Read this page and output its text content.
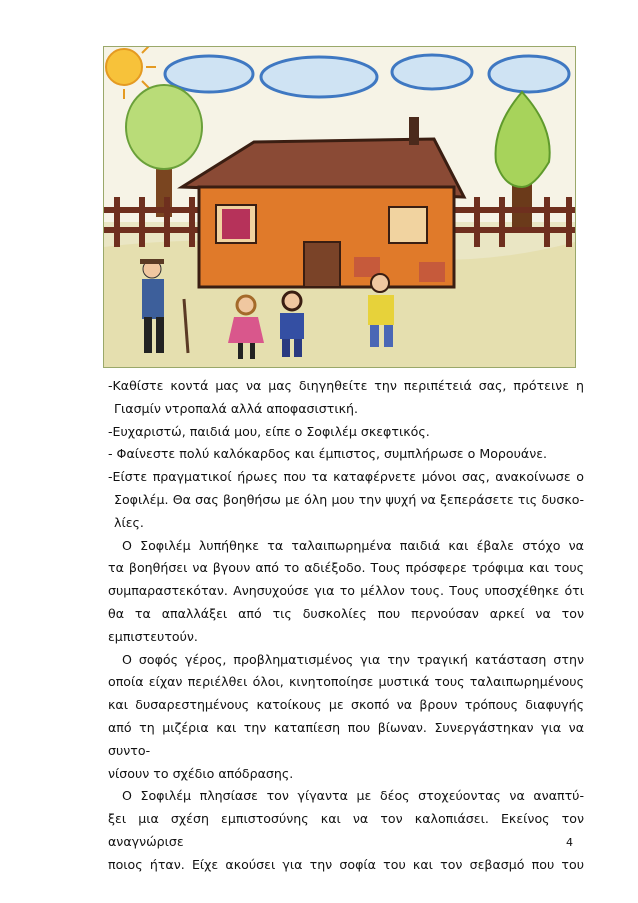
-Καθίστε κοντά μας να μας διηγηθείτε την περιπέτειά σας, πρότεινε η
Γιασμίν ντροπαλά αλλά αποφασιστική.
-Ευχαριστώ, παιδιά μου, είπε ο Σοφιλέμ σκεφτικός.
- Φαίνεστε πολύ καλόκαρδος και έμπιστος, συμπλήρωσε ο Μορουάνε.
-Είστε πραγματικοί ήρωες που τα καταφέρνετε μόνοι σας, ανακοίνωσε ο
Σοφιλέμ. Θα σας βοηθήσω με όλη μου την ψυχή να ξεπεράσετε τις δυσκο-
λίες.
Ο Σοφιλέμ λυπήθηκε τα ταλαιπωρημένα παιδιά και έβαλε στόχο να
τα βοηθήσει να βγουν από το αδιέξοδο. Τους πρόσφερε τρόφιμα και τους
συμπαραστεκόταν. Ανησυχούσε για το μέλλον τους. Τους υποσχέθηκε ότι
θα τα απαλλάξει από τις δυσκολίες που περνούσαν αρκεί να τον
εμπιστευτούν.
Ο σοφός γέρος, προβληματισμένος για την τραγική κατάσταση στην
οποία είχαν περιέλθει όλοι, κινητοποίησε μυστικά τους ταλαιπωρημένους
και δυσαρεστημένους κατοίκους με σκοπό να βρουν τρόπους διαφυγής
από τη μιζέρια και την καταπίεση που βίωναν. Συνεργάστηκαν για να συντο-
νίσουν το σχέδιο απόδρασης.
Ο Σοφιλέμ πλησίασε τον γίγαντα με δέος στοχεύοντας να αναπτύ-
ξει μια σχέση εμπιστοσύνης και να τον καλοπιάσει. Εκείνος τον αναγνώρισε
ποιος ήταν. Είχε ακούσει για την σοφία του και τον σεβασμό που του
4
